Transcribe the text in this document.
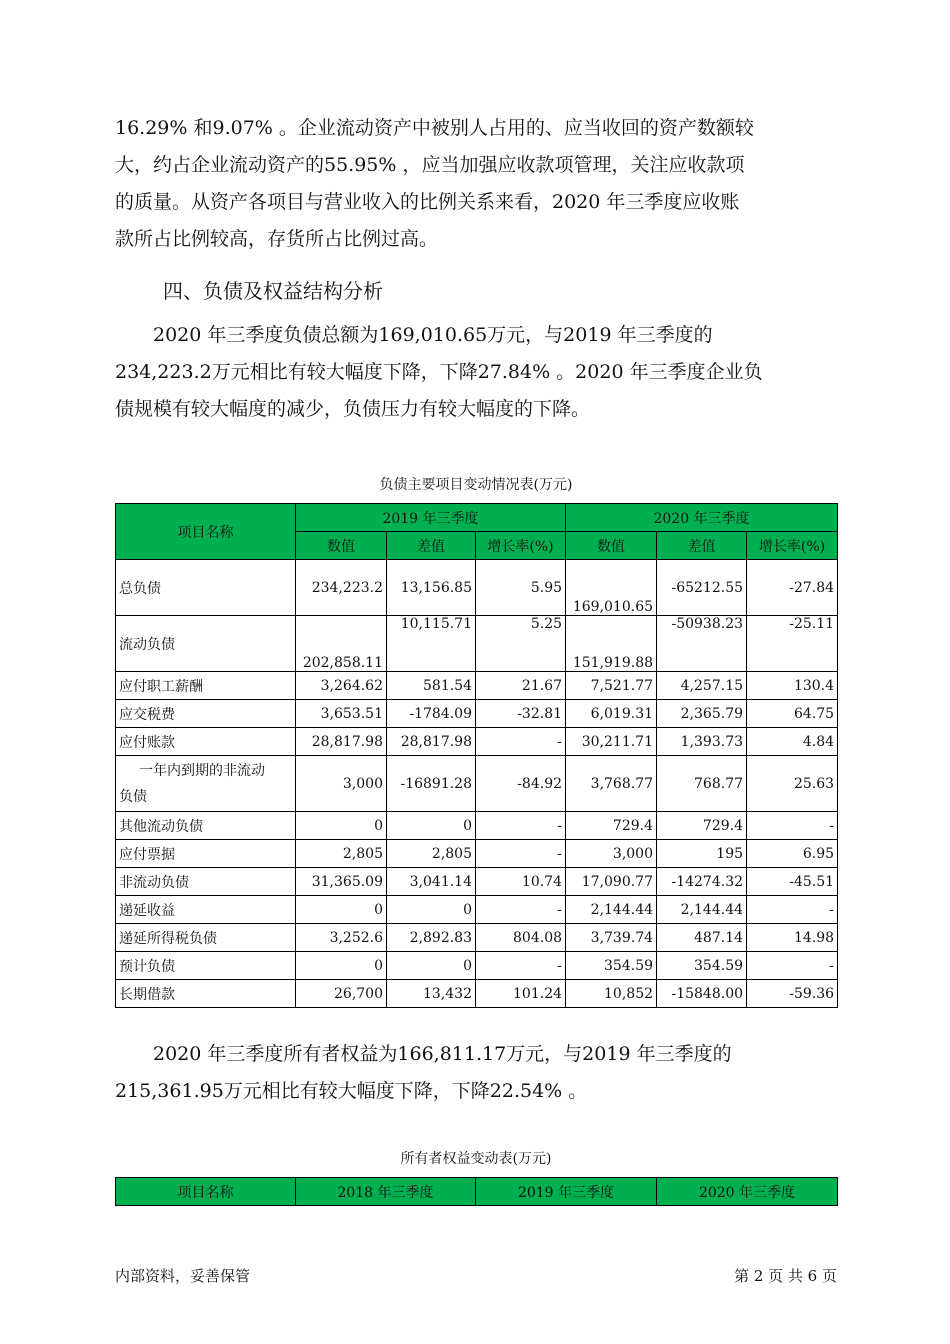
16.29% 和9.07% 。企业流动资产中被别人占用的、应当收回的资产数额较
大，约占企业流动资产的55.95% ，应当加强应收款项管理，关注应收款项
的质量。从资产各项目与营业收入的比例关系来看，2020 年三季度应收账
款所占比例较高，存货所占比例过高。
四、负债及权益结构分析
2020 年三季度负债总额为169,010.65万元，与2019 年三季度的
234,223.2万元相比有较大幅度下降，下降27.84% 。2020 年三季度企业负
债规模有较大幅度的减少，负债压力有较大幅度的下降。
负债主要项目变动情况表(万元)
项目名称	2019 年三季度			2020 年三季度		
	数值	差值	增长率(%)	数值	差值	增长率(%)
总负债	234,223.2	13,156.85	5.95	169,010.65	-65212.55	-27.84
流动负债	202,858.11	10,115.71	5.25	151,919.88	-50938.23	-25.11
应付职工薪酬	3,264.62	581.54	21.67	7,521.77	4,257.15	130.4
应交税费	3,653.51	-1784.09	-32.81	6,019.31	2,365.79	64.75
应付账款	28,817.98	28,817.98	-	30,211.71	1,393.73	4.84
一年内到期的非流动
负债	3,000	-16891.28	-84.92	3,768.77	768.77	25.63
其他流动负债	0	0	-	729.4	729.4	-
应付票据	2,805	2,805	-	3,000	195	6.95
非流动负债	31,365.09	3,041.14	10.74	17,090.77	-14274.32	-45.51
递延收益	0	0	-	2,144.44	2,144.44	-
递延所得税负债	3,252.6	2,892.83	804.08	3,739.74	487.14	14.98
预计负债	0	0	-	354.59	354.59	-
长期借款	26,700	13,432	101.24	10,852	-15848.00	-59.36
2020 年三季度所有者权益为166,811.17万元，与2019 年三季度的
215,361.95万元相比有较大幅度下降，下降22.54% 。
所有者权益变动表(万元)
项目名称	2018 年三季度	2019 年三季度	2020 年三季度
内部资料，妥善保管	第 2 页 共 6 页
